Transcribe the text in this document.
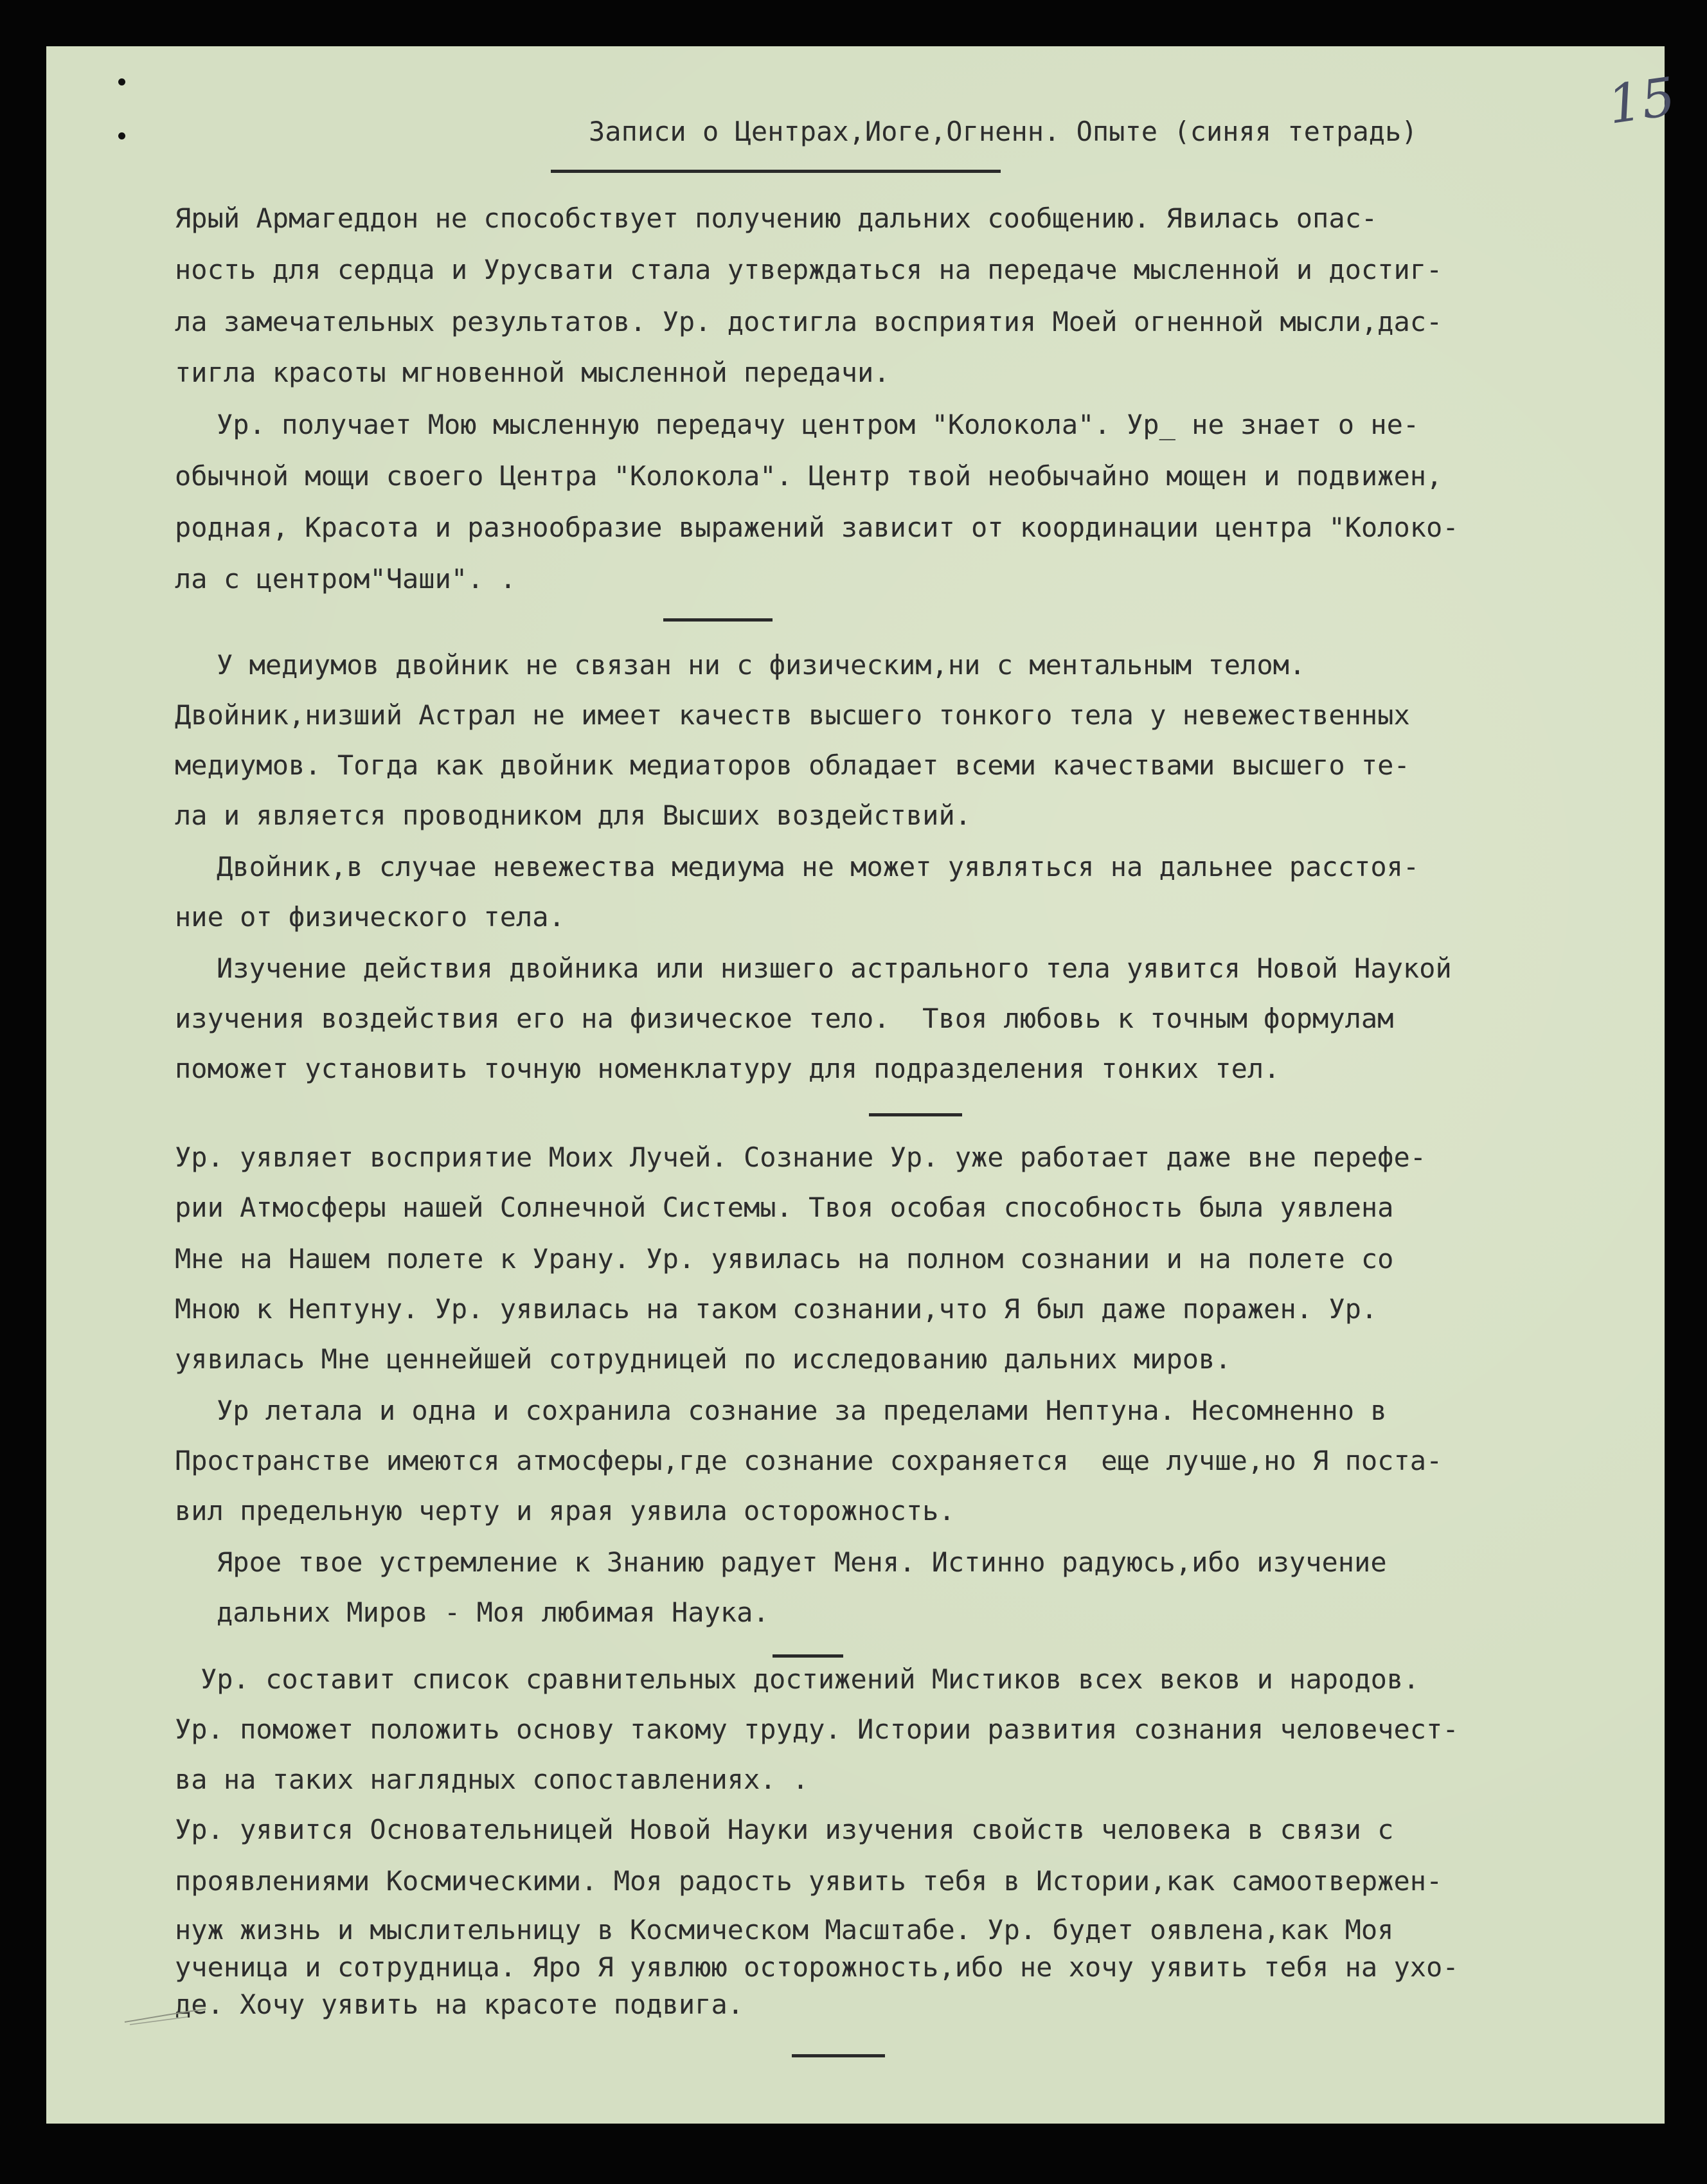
15
Записи о Центрах,Иоге,Огненн. Опыте (синяя тетрадь)
Ярый Армагеддон не способствует получению дальних сообщению. Явилась опас-
ность для сердца и Урусвати стала утверждаться на передаче мысленной и достиг-
ла замечательных результатов. Ур. достигла восприятия Моей огненной мысли,дас-
тигла красоты мгновенной мысленной передачи.
Ур. получает Мою мысленную передачу центром "Колокола". Ур_ не знает о не-
обычной мощи своего Центра "Колокола". Центр твой необычайно мощен и подвижен,
родная, Красота и разнообразие выражений зависит от координации центра "Колоко-
ла с центром"Чаши". .
У медиумов двойник не связан ни с физическим,ни с ментальным телом.
Двойник,низший Астрал не имеет качеств высшего тонкого тела у невежественных
медиумов. Тогда как двойник медиаторов обладает всеми качествами высшего те-
ла и является проводником для Высших воздействий.
Двойник,в случае невежества медиума не может уявляться на дальнее расстоя-
ние от физического тела.
Изучение действия двойника или низшего астрального тела уявится Новой Наукой
изучения воздействия его на физическое тело.  Твоя любовь к точным формулам
поможет установить точную номенклатуру для подразделения тонких тел.
Ур. уявляет восприятие Моих Лучей. Сознание Ур. уже работает даже вне перефе-
рии Атмосферы нашей Солнечной Системы. Твоя особая способность была уявлена
Мне на Нашем полете к Урану. Ур. уявилась на полном сознании и на полете со
Мною к Нептуну. Ур. уявилась на таком сознании,что Я был даже поражен. Ур.
уявилась Мне ценнейшей сотрудницей по исследованию дальних миров.
Ур летала и одна и сохранила сознание за пределами Нептуна. Несомненно в
Пространстве имеются атмосферы,где сознание сохраняется  еще лучше,но Я поста-
вил предельную черту и ярая уявила осторожность.
Ярое твое устремление к Знанию радует Меня. Истинно радуюсь,ибо изучение
дальних Миров - Моя любимая Наука.
Ур. составит список сравнительных достижений Мистиков всех веков и народов.
Ур. поможет положить основу такому труду. Истории развития сознания человечест-
ва на таких наглядных сопоставлениях. .
Ур. уявится Основательницей Новой Науки изучения свойств человека в связи с
проявлениями Космическими. Моя радость уявить тебя в Истории,как самоотвержен-
нуж жизнь и мыслительницу в Космическом Масштабе. Ур. будет оявлена,как Моя
ученица и сотрудница. Яро Я уявлюю осторожность,ибо не хочу уявить тебя на ухо-
де. Хочу уявить на красоте подвига.
